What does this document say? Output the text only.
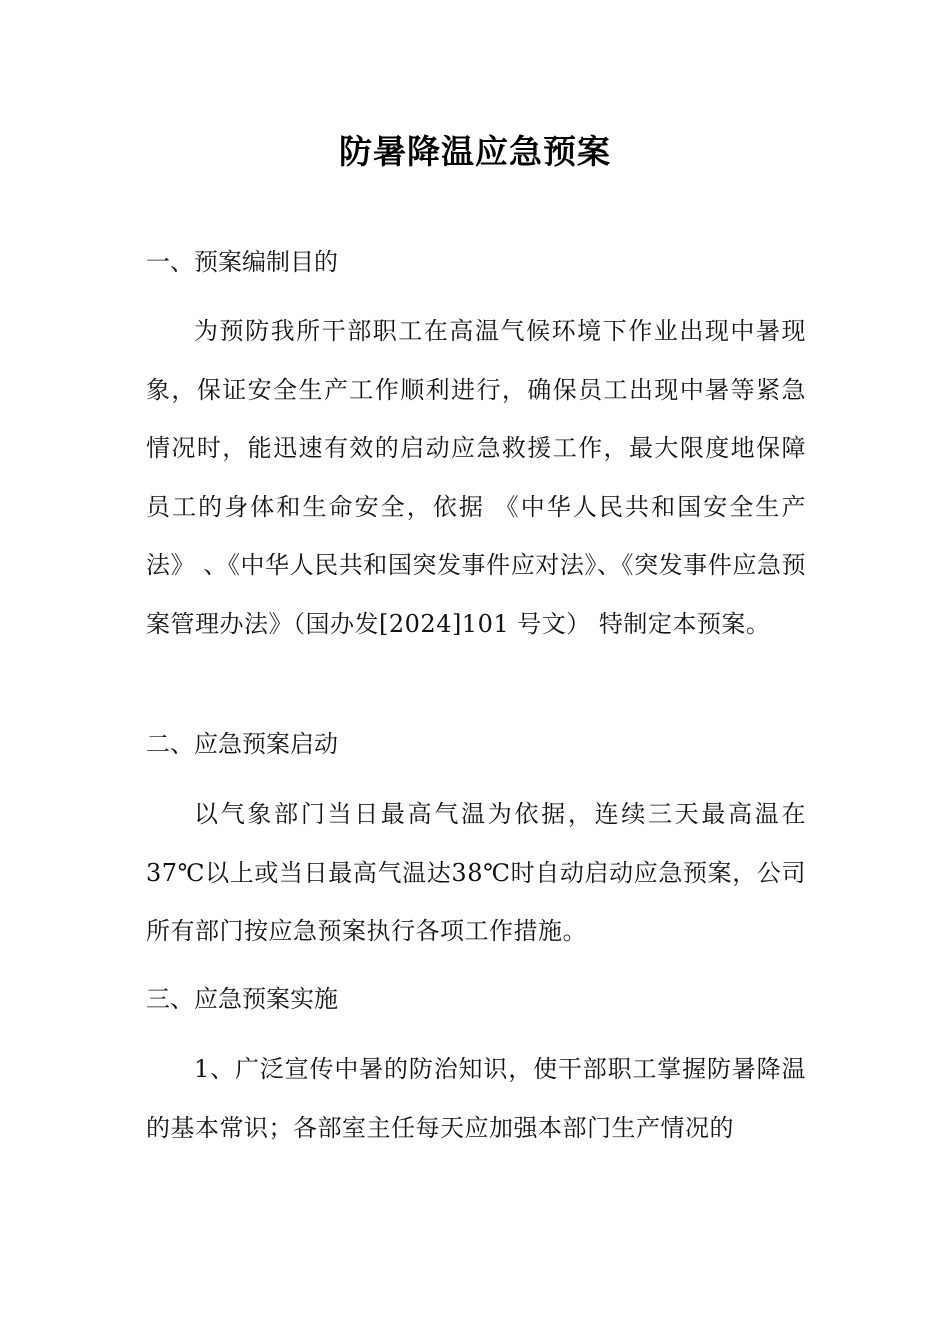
防暑降温应急预案
一、预案编制目的

为预防我所干部职工在高温气候环境下作业出现中暑现象，保证安全生产工作顺利进行，确保员工出现中暑等紧急情况时，能迅速有效的启动应急救援工作，最大限度地保障员工的身体和生命安全，依据 《中华人民共和国安全生产法》 、《中华人民共和国突发事件应对法》、《突发事件应急预案管理办法》（国办发[2024]101 号文） 特制定本预案。

二、应急预案启动

以气象部门当日最高气温为依据，连续三天最高温在37℃以上或当日最高气温达38℃时自动启动应急预案，公司所有部门按应急预案执行各项工作措施。

三、应急预案实施

1、广泛宣传中暑的防治知识，使干部职工掌握防暑降温的基本常识；各部室主任每天应加强本部门生产情况的
